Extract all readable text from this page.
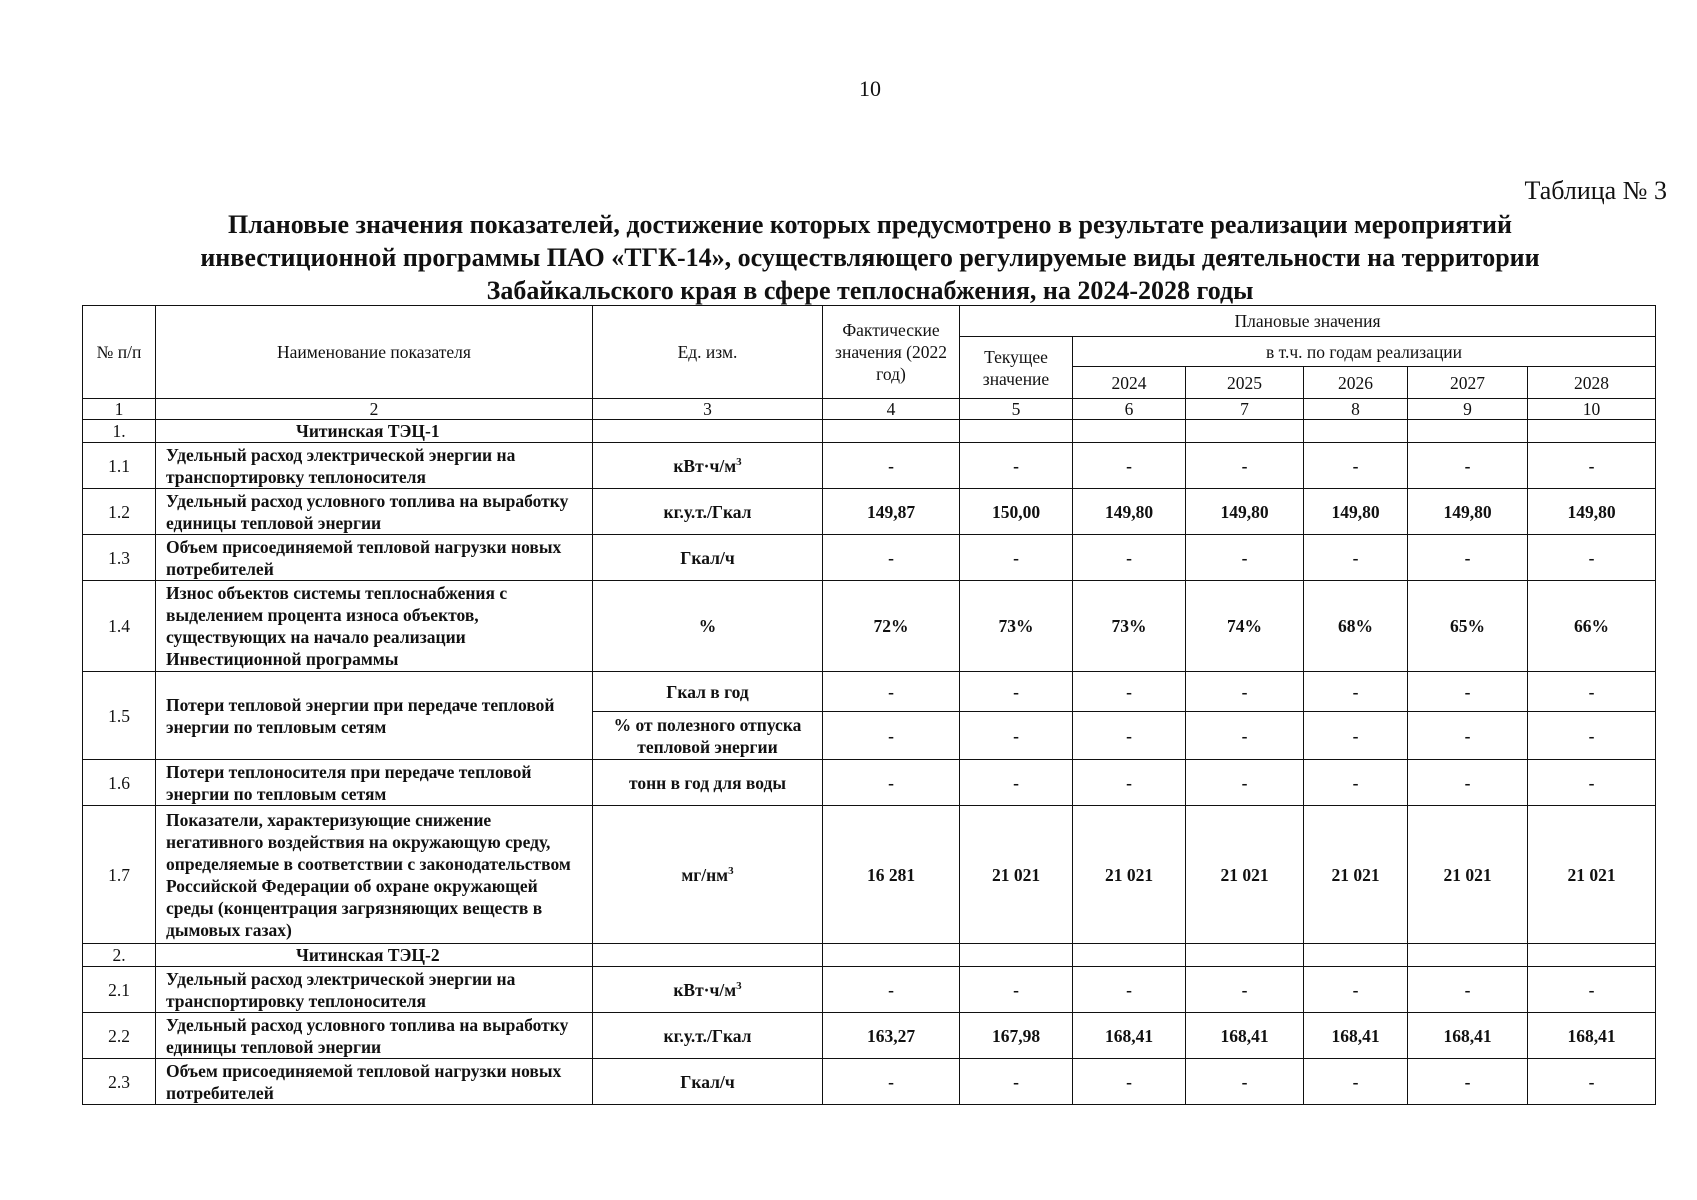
10
Таблица № 3
Плановые значения показателей, достижение которых предусмотрено в результате реализации мероприятий
инвестиционной программы ПАО «ТГК-14», осуществляющего регулируемые виды деятельности на территории
Забайкальского края в сфере теплоснабжения, на 2024-2028 годы
№ п/п	Наименование показателя	Ед. изм.	Фактические значения (2022 год)	Плановые значения					
				Текущее значение	в т.ч. по годам реализации				
					2024	2025	2026	2027	2028
1	2	3	4	5	6	7	8	9	10
1.	Читинская ТЭЦ-1								
1.1	Удельный расход электрической энергии на транспортировку теплоносителя	$кВт\cdot ч/м^3$	-	-	-	-	-	-	-
1.2	Удельный расход условного топлива на выработку единицы тепловой энергии	кг.у.т./Гкал	149,87	150,00	149,80	149,80	149,80	149,80	149,80
1.3	Объем присоединяемой тепловой нагрузки новых потребителей	Гкал/ч	-	-	-	-	-	-	-
1.4	Износ объектов системы теплоснабжения с выделением процента износа объектов, существующих на начало реализации Инвестиционной программы	%	72%	73%	73%	74%	68%	65%	66%
1.5	Потери тепловой энергии при передаче тепловой энергии по тепловым сетям	Гкал в год	-	-	-	-	-	-	-
		% от полезного отпуска тепловой энергии	-	-	-	-	-	-	-
1.6	Потери теплоносителя при передаче тепловой энергии по тепловым сетям	тонн в год для воды	-	-	-	-	-	-	-
1.7	Показатели, характеризующие снижение негативного воздействия на окружающую среду, определяемые в соответствии с законодательством Российской Федерации об охране окружающей среды (концентрация загрязняющих веществ в дымовых газах)	$мг/нм^3$	16 281	21 021	21 021	21 021	21 021	21 021	21 021
2.	Читинская ТЭЦ-2								
2.1	Удельный расход электрической энергии на транспортировку теплоносителя	$кВт\cdot ч/м^3$	-	-	-	-	-	-	-
2.2	Удельный расход условного топлива на выработку единицы тепловой энергии	кг.у.т./Гкал	163,27	167,98	168,41	168,41	168,41	168,41	168,41
2.3	Объем присоединяемой тепловой нагрузки новых потребителей	Гкал/ч	-	-	-	-	-	-	-
